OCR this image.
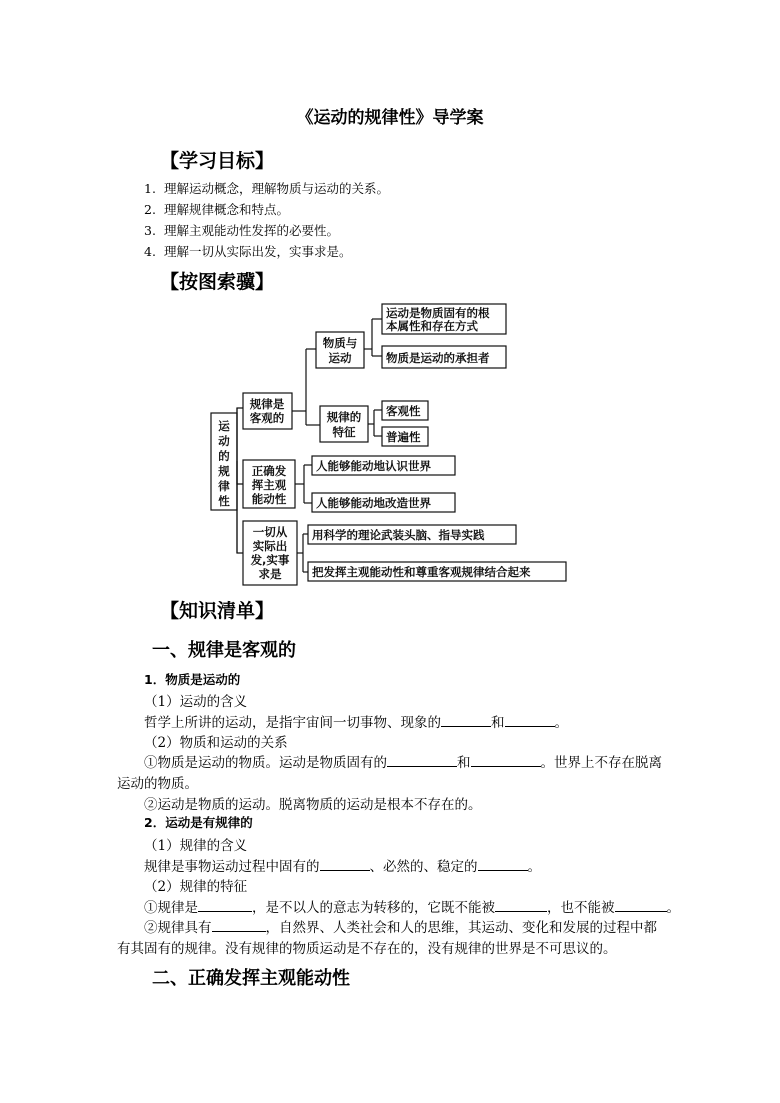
《运动的规律性》导学案
【学习目标】
1. 理解运动概念，理解物质与运动的关系。
2. 理解规律概念和特点。
3. 理解主观能动性发挥的必要性。
4. 理解一切从实际出发，实事求是。
【按图索骥】
运
动
的
规
律
性
规律是
客观的
物质与
运动
运动是物质固有的根
本属性和存在方式
物质是运动的承担者
规律的
特征
客观性
普遍性
正确发
挥主观
能动性
人能够能动地认识世界
人能够能动地改造世界
一切从
实际出
发,实事
求是
用科学的理论武装头脑、指导实践
把发挥主观能动性和尊重客观规律结合起来
【知识清单】
一、规律是客观的
1．物质是运动的
（1）运动的含义
哲学上所讲的运动，是指宇宙间一切事物、现象的	和	。
（2）物质和运动的关系
①物质是运动的物质。运动是物质固有的	和	。世界上不存在脱离
运动的物质。
②运动是物质的运动。脱离物质的运动是根本不存在的。
2．运动是有规律的
（1）规律的含义
规律是事物运动过程中固有的	、必然的、稳定的	。
（2）规律的特征
①规律是	，是不以人的意志为转移的，它既不能被	，也不能被	。
②规律具有	，自然界、人类社会和人的思维，其运动、变化和发展的过程中都
有其固有的规律。没有规律的物质运动是不存在的，没有规律的世界是不可思议的。
二、正确发挥主观能动性
